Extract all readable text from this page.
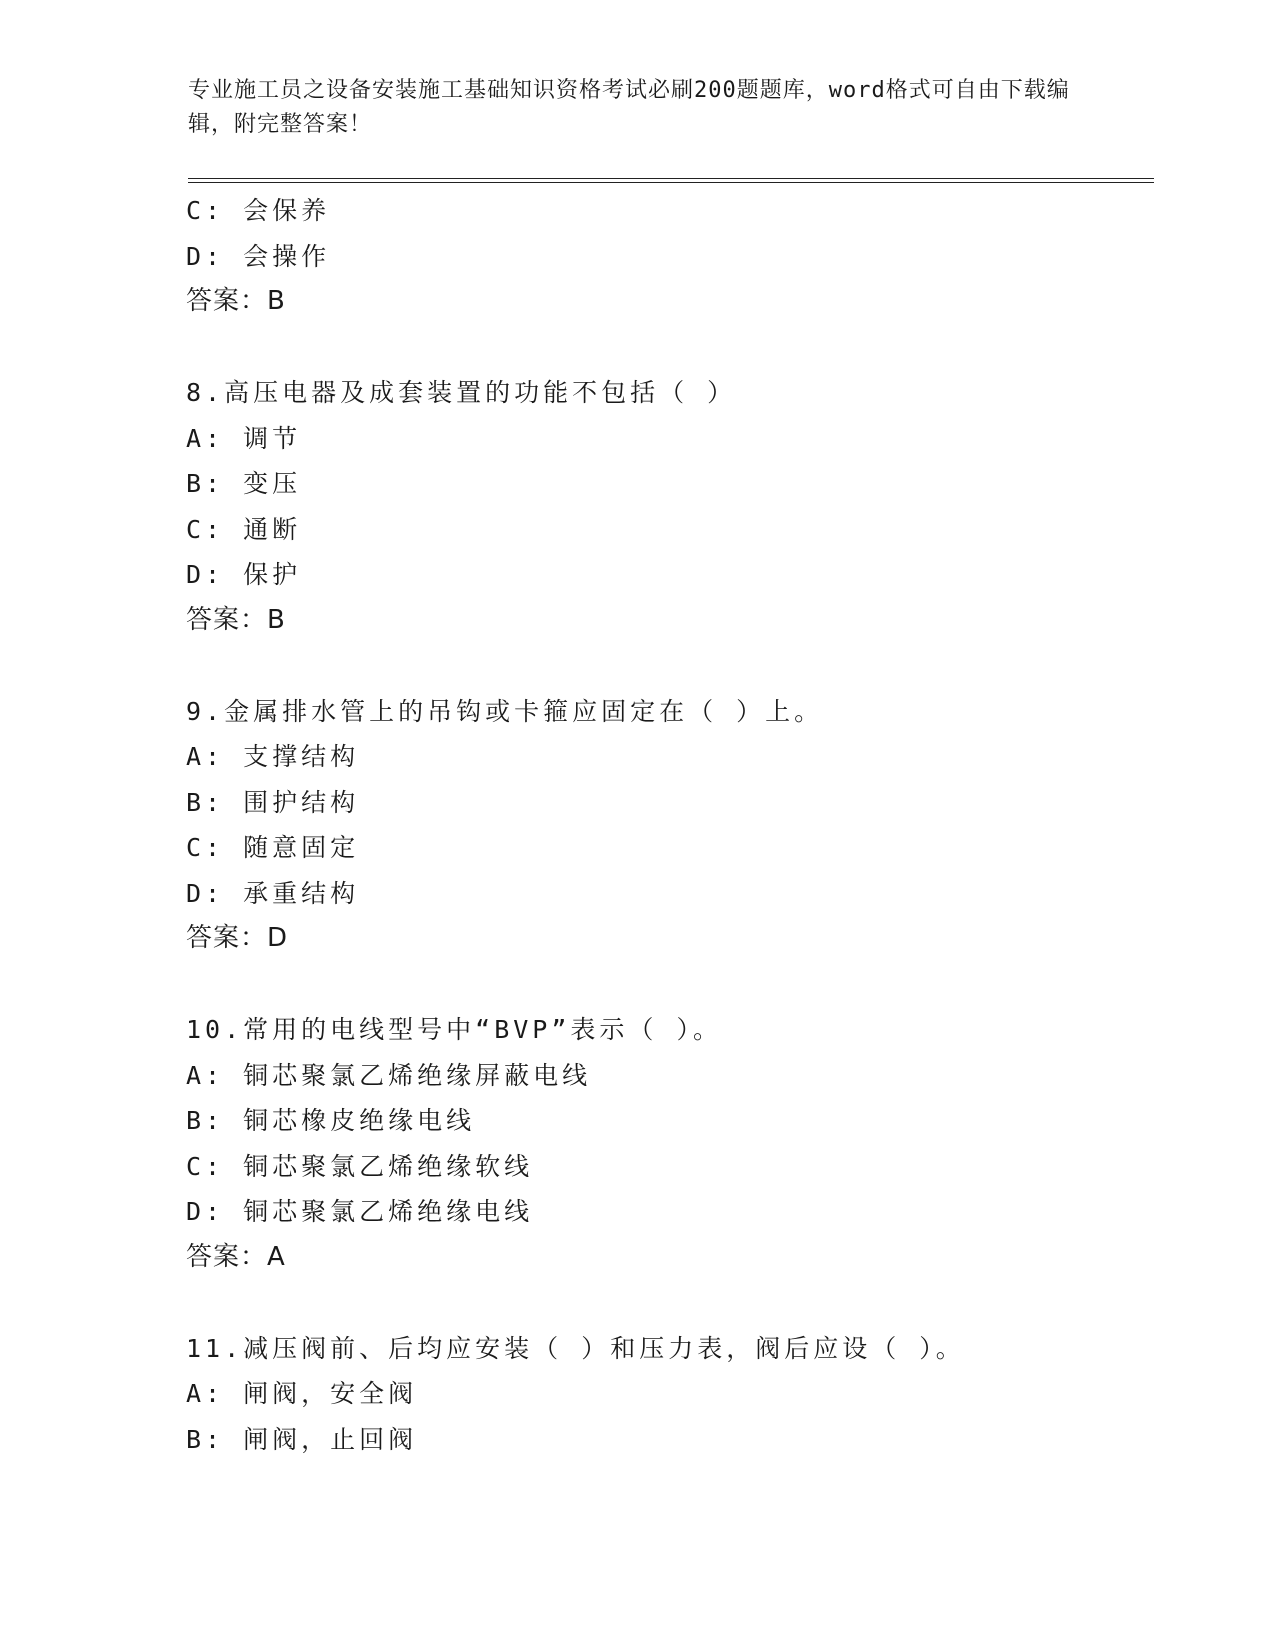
专业施工员之设备安装施工基础知识资格考试必刷200题题库，word格式可自由下载编辑，附完整答案！
C: 会保养
D: 会操作
答案：B
8.高压电器及成套装置的功能不包括（ ）
A: 调节
B: 变压
C: 通断
D: 保护
答案：B
9.金属排水管上的吊钩或卡箍应固定在（ ）上。
A: 支撑结构
B: 围护结构
C: 随意固定
D: 承重结构
答案：D
10.常用的电线型号中“BVP”表示（ ）。
A: 铜芯聚氯乙烯绝缘屏蔽电线
B: 铜芯橡皮绝缘电线
C: 铜芯聚氯乙烯绝缘软线
D: 铜芯聚氯乙烯绝缘电线
答案：A
11.减压阀前、后均应安装（ ）和压力表，阀后应设（ ）。
A: 闸阀，安全阀
B: 闸阀，止回阀
